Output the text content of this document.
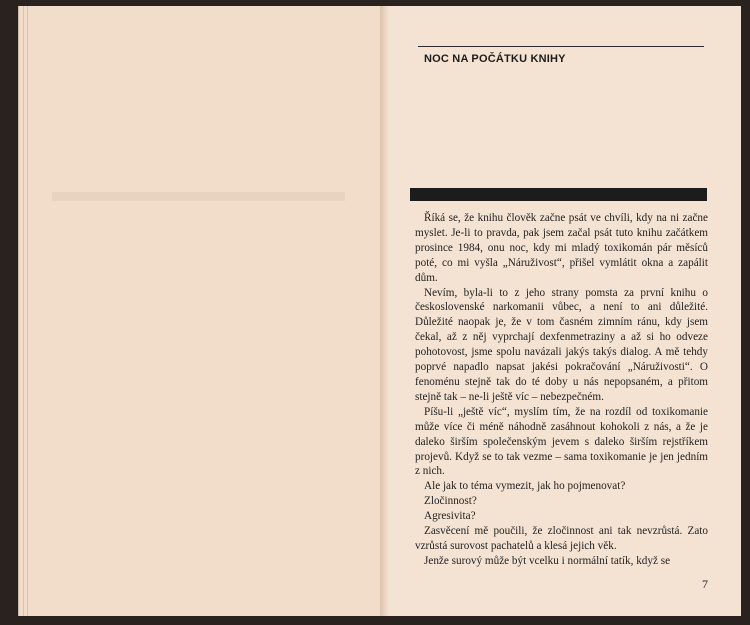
NOC NA POČÁTKU KNIHY

Říká se, že knihu člověk začne psát ve chvíli, kdy na ni začne myslet. Je-li to pravda, pak jsem začal psát tuto knihu začátkem prosince 1984, onu noc, kdy mi mladý toxikomán pár měsíců poté, co mi vyšla „Náruživost“, přišel vymlátit okna a zapálit dům.

Nevím, byla-li to z jeho strany pomsta za první knihu o československé narkomanii vůbec, a není to ani důležité. Důležité naopak je, že v tom časném zimním ránu, kdy jsem čekal, až z něj vyprchají dexfenmetraziny a až si ho odveze pohotovost, jsme spolu navázali jakýs takýs dialog. A mě tehdy poprvé napadlo napsat jakési pokračování „Náruživosti“. O fenoménu stejně tak do té doby u nás nepopsaném, a přitom stejně tak – ne-li ještě víc – nebezpečném.

Píšu-li „ještě víc“, myslím tím, že na rozdíl od toxikomanie může více či méně náhodně zasáhnout kohokoli z nás, a že je daleko širším společenským jevem s daleko širším rejstříkem projevů. Když se to tak vezme – sama toxikomanie je jen jedním z nich.

Ale jak to téma vymezit, jak ho pojmenovat?

Zločinnost?

Agresivita?

Zasvěcení mě poučili, že zločinnost ani tak nevzrůstá. Zato vzrůstá surovost pachatelů a klesá jejich věk.

Jenže surový může být vcelku i normální tatík, když se

7
